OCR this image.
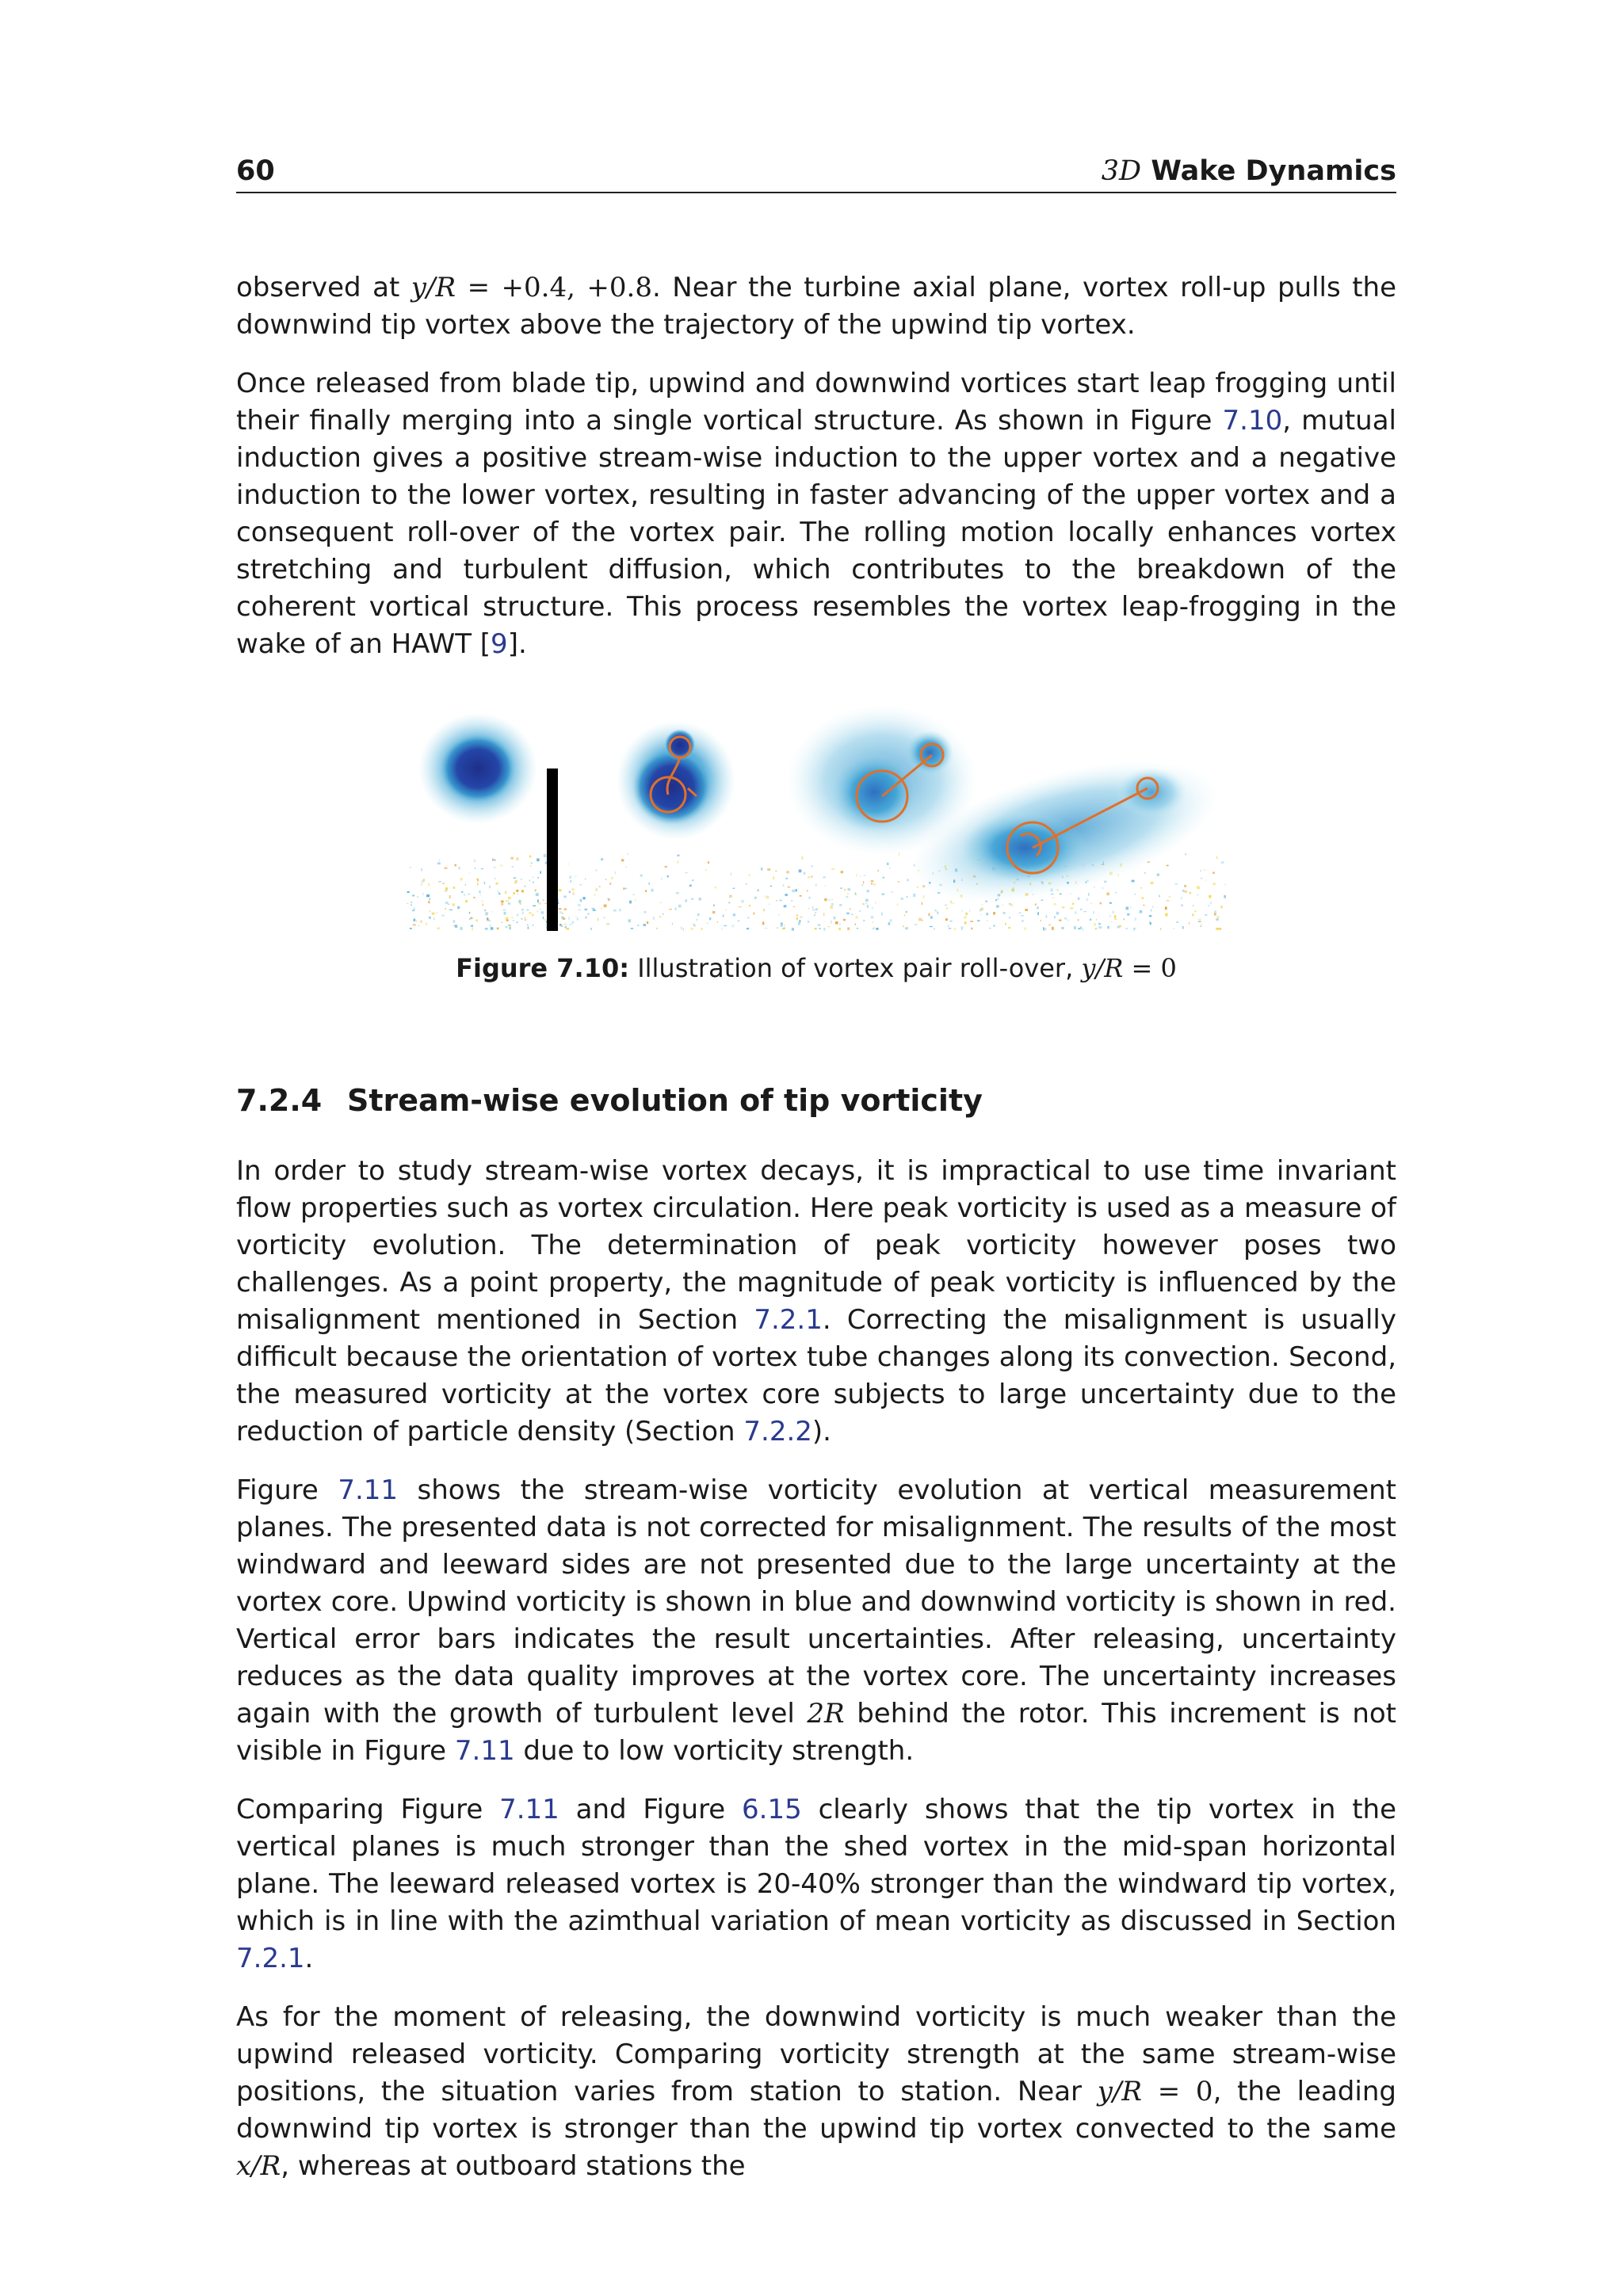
60	3D Wake Dynamics

observed at y/R = +0.4, +0.8. Near the turbine axial plane, vortex roll-up pulls the downwind tip vortex above the trajectory of the upwind tip vortex.

Once released from blade tip, upwind and downwind vortices start leap frogging until their finally merging into a single vortical structure. As shown in Figure 7.10, mutual induction gives a positive stream-wise induction to the upper vortex and a negative induction to the lower vortex, resulting in faster advancing of the upper vortex and a consequent roll-over of the vortex pair. The rolling motion locally enhances vortex stretching and turbulent diffusion, which contributes to the breakdown of the coherent vortical structure. This process resembles the vortex leap-frogging in the wake of an HAWT [9].

Figure 7.10: Illustration of vortex pair roll-over, y/R = 0
7.2.4 Stream-wise evolution of tip vorticity

In order to study stream-wise vortex decays, it is impractical to use time invariant flow properties such as vortex circulation. Here peak vorticity is used as a measure of vorticity evolution. The determination of peak vorticity however poses two challenges. As a point property, the magnitude of peak vorticity is influenced by the misalignment mentioned in Section 7.2.1. Correcting the misalignment is usually difficult because the orientation of vortex tube changes along its convection. Second, the measured vorticity at the vortex core subjects to large uncertainty due to the reduction of particle density (Section 7.2.2).

Figure 7.11 shows the stream-wise vorticity evolution at vertical measurement planes. The presented data is not corrected for misalignment. The results of the most windward and leeward sides are not presented due to the large uncertainty at the vortex core. Upwind vorticity is shown in blue and downwind vorticity is shown in red. Vertical error bars indicates the result uncertainties. After releasing, uncertainty reduces as the data quality improves at the vortex core. The uncertainty increases again with the growth of turbulent level 2R behind the rotor. This increment is not visible in Figure 7.11 due to low vorticity strength.

Comparing Figure 7.11 and Figure 6.15 clearly shows that the tip vortex in the vertical planes is much stronger than the shed vortex in the mid-span horizontal plane. The leeward released vortex is 20-40% stronger than the windward tip vortex, which is in line with the azimthual variation of mean vorticity as discussed in Section 7.2.1.

As for the moment of releasing, the downwind vorticity is much weaker than the upwind released vorticity. Comparing vorticity strength at the same stream-wise positions, the situation varies from station to station. Near y/R = 0, the leading downwind tip vortex is stronger than the upwind tip vortex convected to the same x/R, whereas at outboard stations the
